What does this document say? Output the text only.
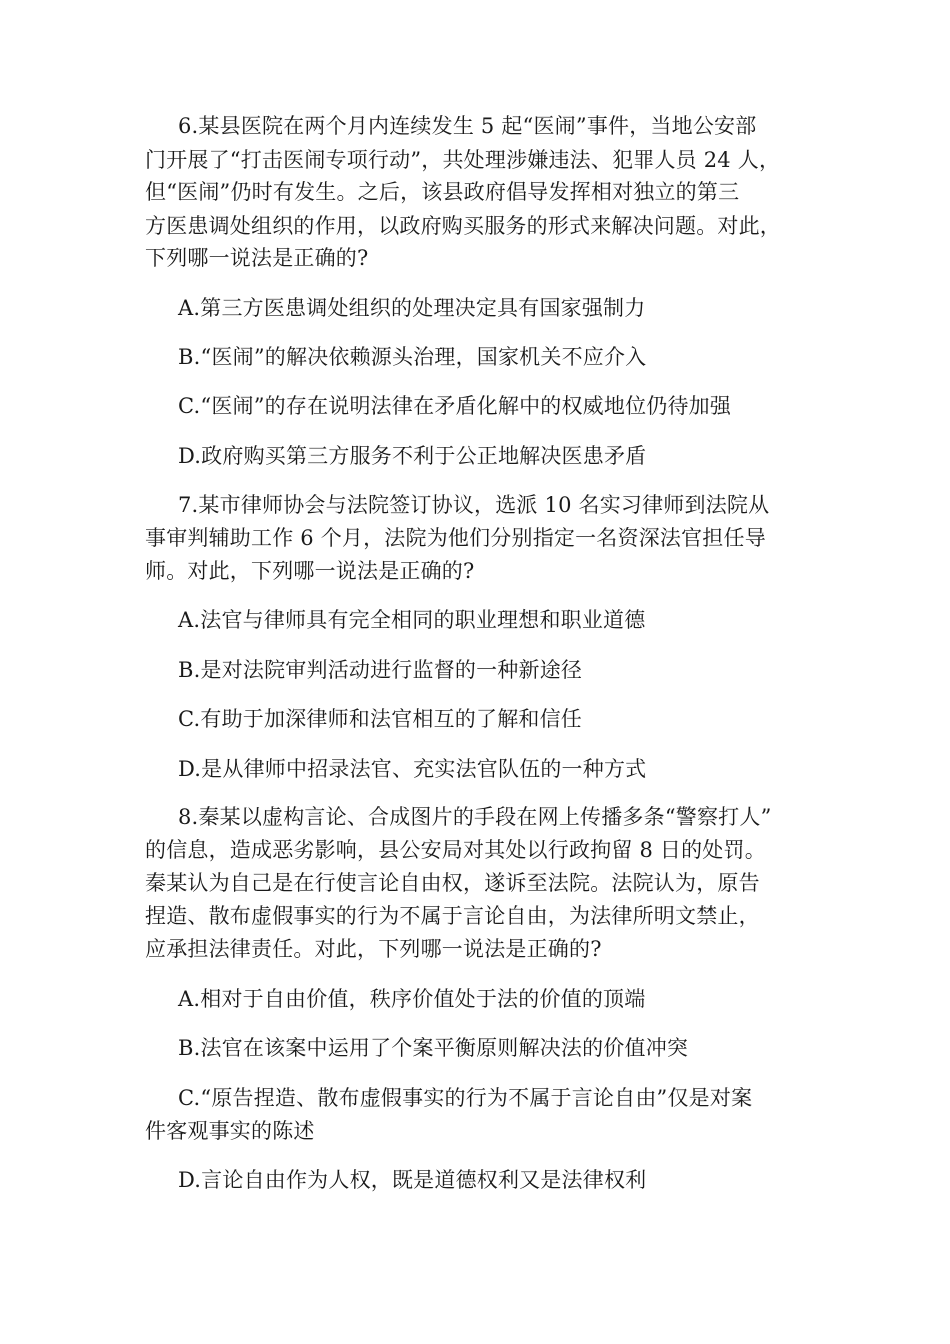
6.某县医院在两个月内连续发生 5 起“医闹”事件，当地公安部
门开展了“打击医闹专项行动”，共处理涉嫌违法、犯罪人员 24 人，
但“医闹”仍时有发生。之后，该县政府倡导发挥相对独立的第三
方医患调处组织的作用，以政府购买服务的形式来解决问题。对此，
下列哪一说法是正确的?
A.第三方医患调处组织的处理决定具有国家强制力
B.“医闹”的解决依赖源头治理，国家机关不应介入
C.“医闹”的存在说明法律在矛盾化解中的权威地位仍待加强
D.政府购买第三方服务不利于公正地解决医患矛盾
7.某市律师协会与法院签订协议，选派 10 名实习律师到法院从
事审判辅助工作 6 个月，法院为他们分别指定一名资深法官担任导
师。对此，下列哪一说法是正确的?
A.法官与律师具有完全相同的职业理想和职业道德
B.是对法院审判活动进行监督的一种新途径
C.有助于加深律师和法官相互的了解和信任
D.是从律师中招录法官、充实法官队伍的一种方式
8.秦某以虚构言论、合成图片的手段在网上传播多条“警察打人”
的信息，造成恶劣影响，县公安局对其处以行政拘留 8 日的处罚。
秦某认为自己是在行使言论自由权，遂诉至法院。法院认为，原告
捏造、散布虚假事实的行为不属于言论自由，为法律所明文禁止，
应承担法律责任。对此，下列哪一说法是正确的?
A.相对于自由价值，秩序价值处于法的价值的顶端
B.法官在该案中运用了个案平衡原则解决法的价值冲突
C.“原告捏造、散布虚假事实的行为不属于言论自由”仅是对案
件客观事实的陈述
D.言论自由作为人权，既是道德权利又是法律权利
